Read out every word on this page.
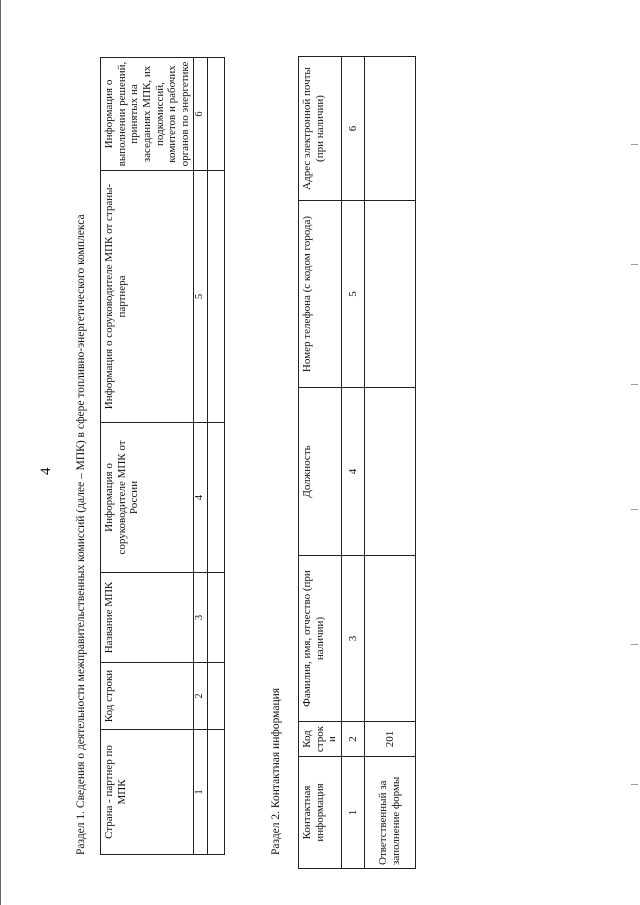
4 Раздел 1. Сведения о деятельности межправительственных комиссий (далее – МПК) в сфере топливно-энергетического комплекса Страна - партнер по МПК	Код строки	Название МПК	Информация о соруководителе МПК от России	Информация о соруководителе МПК от страны-партнера	Информация о выполнении решений, принятых на заседаниях МПК, их подкомиссий, комитетов и рабочих органов по энергетике
1	2	3	4	5	6

Раздел 2. Контактная информация Контактная информация	Код строки	Фамилия, имя, отчество (при наличии)	Должность	Номер телефона (с кодом города)	Адрес электронной почты (при наличии)
1	2	3	4	5	6
Ответственный за заполнение формы	201				
